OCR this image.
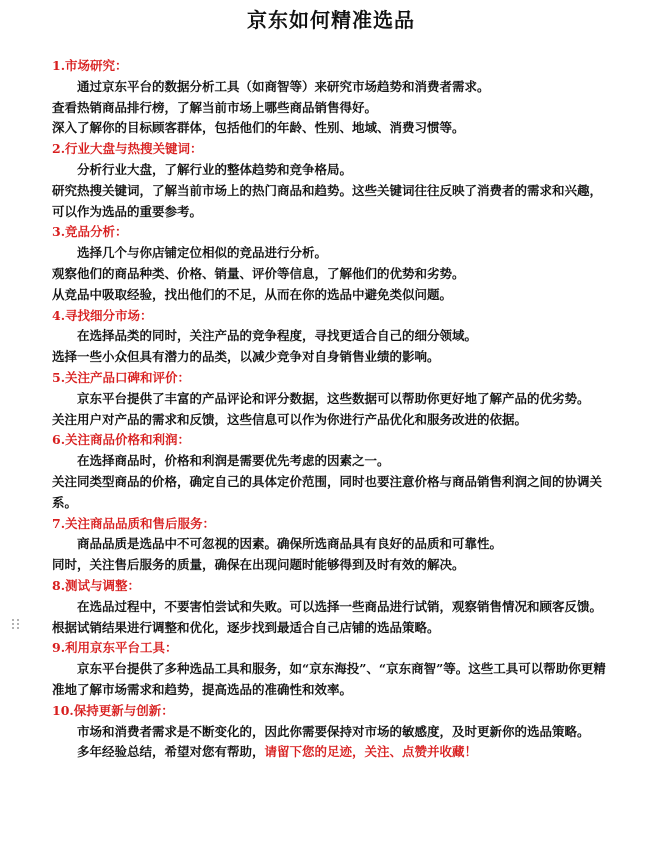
京东如何精准选品
1.市场研究：

通过京东平台的数据分析工具（如商智等）来研究市场趋势和消费者需求。

查看热销商品排行榜，了解当前市场上哪些商品销售得好。

深入了解你的目标顾客群体，包括他们的年龄、性别、地域、消费习惯等。

2.行业大盘与热搜关键词：

分析行业大盘，了解行业的整体趋势和竞争格局。

研究热搜关键词，了解当前市场上的热门商品和趋势。这些关键词往往反映了消费者的需求和兴趣，可以作为选品的重要参考。

3.竞品分析：

选择几个与你店铺定位相似的竞品进行分析。

观察他们的商品种类、价格、销量、评价等信息，了解他们的优势和劣势。

从竞品中吸取经验，找出他们的不足，从而在你的选品中避免类似问题。

4.寻找细分市场：

在选择品类的同时，关注产品的竞争程度，寻找更适合自己的细分领域。

选择一些小众但具有潜力的品类，以减少竞争对自身销售业绩的影响。

5.关注产品口碑和评价：

京东平台提供了丰富的产品评论和评分数据，这些数据可以帮助你更好地了解产品的优劣势。

关注用户对产品的需求和反馈，这些信息可以作为你进行产品优化和服务改进的依据。

6.关注商品价格和利润：

在选择商品时，价格和利润是需要优先考虑的因素之一。

关注同类型商品的价格，确定自己的具体定价范围，同时也要注意价格与商品销售利润之间的协调关系。

7.关注商品品质和售后服务：

商品品质是选品中不可忽视的因素。确保所选商品具有良好的品质和可靠性。

同时，关注售后服务的质量，确保在出现问题时能够得到及时有效的解决。

8.测试与调整：

在选品过程中，不要害怕尝试和失败。可以选择一些商品进行试销，观察销售情况和顾客反馈。

根据试销结果进行调整和优化，逐步找到最适合自己店铺的选品策略。

9.利用京东平台工具：

京东平台提供了多种选品工具和服务，如“京东海投”、“京东商智”等。这些工具可以帮助你更精准地了解市场需求和趋势，提高选品的准确性和效率。

10.保持更新与创新：

市场和消费者需求是不断变化的，因此你需要保持对市场的敏感度，及时更新你的选品策略。

多年经验总结，希望对您有帮助，请留下您的足迹，关注、点赞并收藏！
